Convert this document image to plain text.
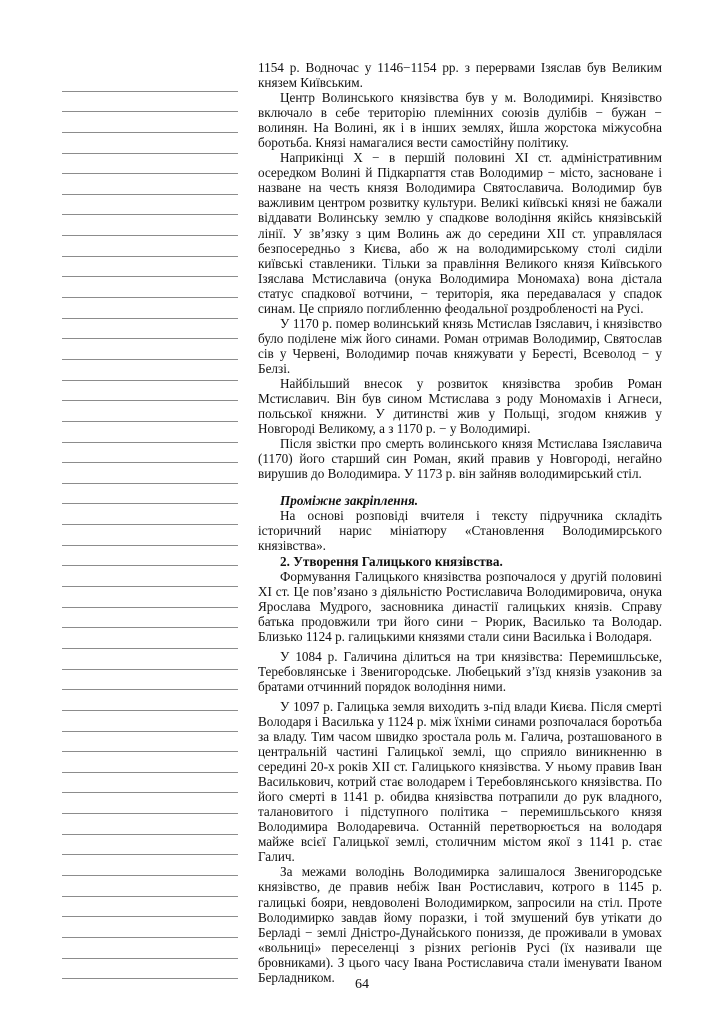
1154 р. Водночас у 1146−1154 рр. з перервами Ізяслав був Великим князем Київським.

Центр Волинського князівства був у м. Володимирі. Князівство включало в себе територію племінних союзів дулібів − бужан − волинян. На Волині, як і в інших землях, йшла жорстока міжусобна боротьба. Князі намагалися вести самостійну політику.

Наприкінці X − в першій половині XI ст. адміністративним осередком Волині й Підкарпаття став Володимир − місто, засноване і назване на честь князя Володимира Святославича. Володимир був важливим центром розвитку культури. Великі київські князі не бажали віддавати Волинську землю у спадкове володіння якійсь князівській лінії. У зв’язку з цим Волинь аж до середини XII ст. управлялася безпосередньо з Києва, або ж на володимирському столі сиділи київські ставленики. Тільки за правління Великого князя Київського Ізяслава Мстиславича (онука Володимира Мономаха) вона дістала статус спадкової вотчини, − територія, яка передавалася у спадок синам. Це сприяло поглибленню феодальної роздробленості на Русі.

У 1170 р. помер волинський князь Мстислав Ізяславич, і князівство було поділене між його синами. Роман отримав Володимир, Святослав сів у Червені, Володимир почав княжувати у Берестi, Всеволод − у Белзі.

Найбільший внесок у розвиток князівства зробив Роман Мстиславич. Він був сином Мстислава з роду Мономахів і Агнеси, польської княжни. У дитинстві жив у Польщі, згодом княжив у Новгороді Великому, а з 1170 р. − у Володимирі.

Після звістки про смерть волинського князя Мстислава Ізяславича (1170) його старший син Роман, який правив у Новгороді, негайно вирушив до Володимира. У 1173 р. він зайняв володимирський стіл.

Проміжне закріплення.

На основі розповіді вчителя і тексту підручника складіть історичний нарис мініатюру «Становлення Володимирського князівства».

2. Утворення Галицького князівства.

Формування Галицького князівства розпочалося у другій половині XI ст. Це пов’язано з діяльністю Ростиславича Володимировича, онука Ярослава Мудрого, засновника династії галицьких князів. Справу батька продовжили три його сини − Рюрик, Василько та Володар. Близько 1124 р. галицькими князями стали сини Василька і Володаря.

У 1084 р. Галичина ділиться на три князівства: Перемишльське, Теребовлянське і Звенигородське. Любецький з’їзд князів узаконив за братами отчинний порядок володіння ними.

У 1097 р. Галицька земля виходить з-під влади Києва. Після смерті Володаря і Василька у 1124 р. між їхніми синами розпочалася боротьба за владу. Тим часом швидко зростала роль м. Галича, розташованого в центральній частині Галицької землі, що сприяло виникненню в середині 20-х років XII ст. Галицького князівства. У ньому правив Іван Василькович, котрий стає володарем і Теребовлянського князівства. По його смерті в 1141 р. обидва князівства потрапили до рук владного, талановитого і підступного політика − перемишльського князя Володимира Володаревича. Останній перетворюється на володаря майже всієї Галицької землі, столичним містом якої з 1141 р. стає Галич.

За межами володінь Володимирка залишалося Звенигородське князівство, де правив небіж Іван Ростиславич, котрого в 1145 р. галицькі бояри, невдоволені Володимирком, запросили на стіл. Проте Володимирко завдав йому поразки, і той змушений був утікати до Берладі − землі Дністро-Дунайського пониззя, де проживали в умовах «вольниці» переселенці з різних регіонів Русі (їх називали ще бровниками). З цього часу Івана Ростиславича стали іменувати Іваном Берладником.	64
